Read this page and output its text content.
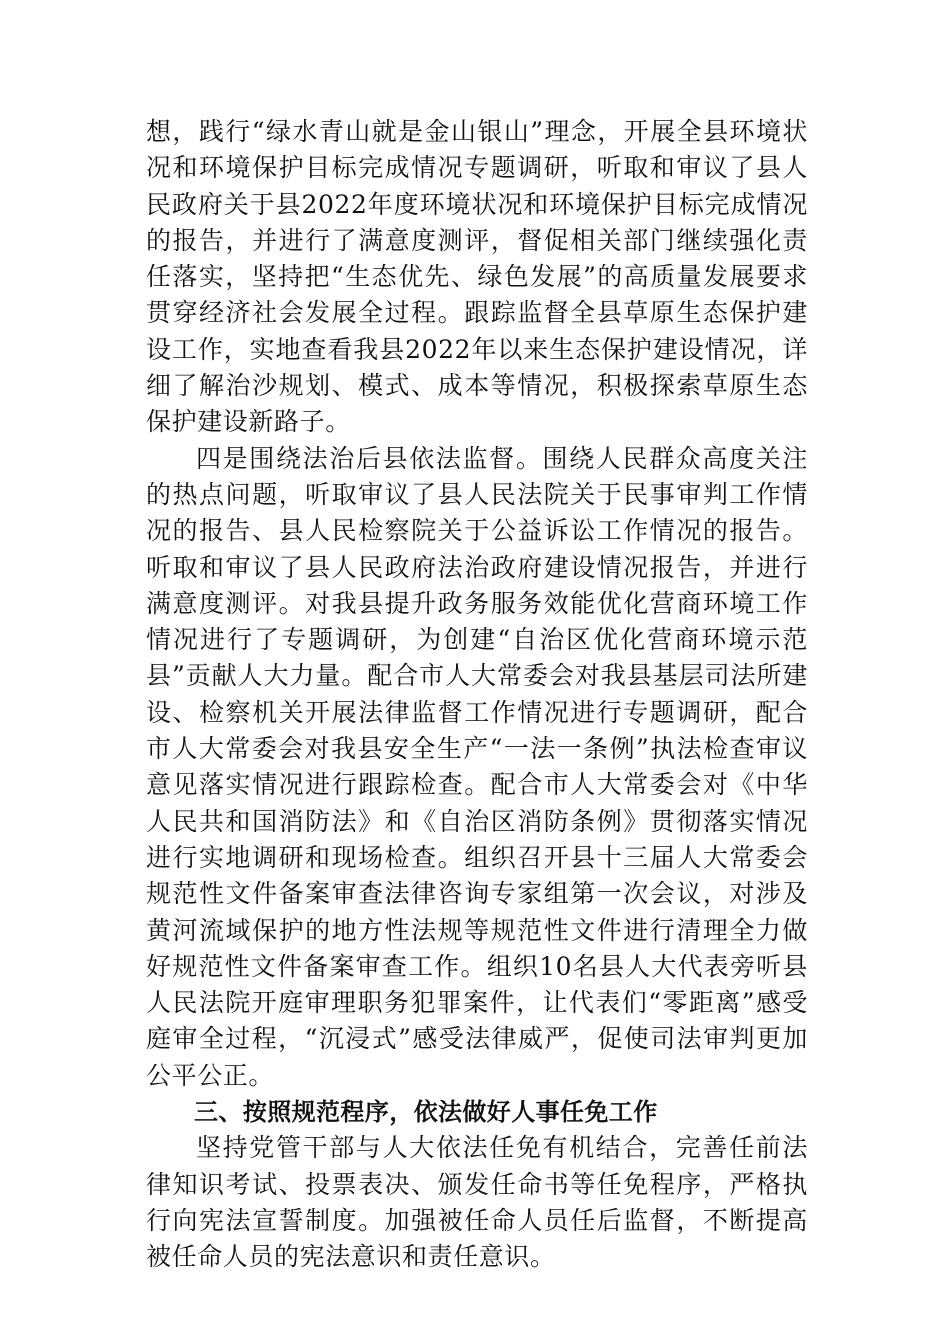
想，践行“绿水青山就是金山银山”理念，开展全县环境状况和环境保护目标完成情况专题调研，听取和审议了县人民政府关于县2022年度环境状况和环境保护目标完成情况的报告，并进行了满意度测评，督促相关部门继续强化责任落实，坚持把“生态优先、绿色发展”的高质量发展要求贯穿经济社会发展全过程。跟踪监督全县草原生态保护建设工作，实地查看我县2022年以来生态保护建设情况，详细了解治沙规划、模式、成本等情况，积极探索草原生态保护建设新路子。

四是围绕法治后县依法监督。围绕人民群众高度关注的热点问题，听取审议了县人民法院关于民事审判工作情况的报告、县人民检察院关于公益诉讼工作情况的报告。听取和审议了县人民政府法治政府建设情况报告，并进行满意度测评。对我县提升政务服务效能优化营商环境工作情况进行了专题调研，为创建“自治区优化营商环境示范县”贡献人大力量。配合市人大常委会对我县基层司法所建设、检察机关开展法律监督工作情况进行专题调研，配合市人大常委会对我县安全生产“一法一条例”执法检查审议意见落实情况进行跟踪检查。配合市人大常委会对《中华人民共和国消防法》和《自治区消防条例》贯彻落实情况进行实地调研和现场检查。组织召开县十三届人大常委会规范性文件备案审查法律咨询专家组第一次会议，对涉及黄河流域保护的地方性法规等规范性文件进行清理全力做好规范性文件备案审查工作。组织10名县人大代表旁听县人民法院开庭审理职务犯罪案件，让代表们“零距离”感受庭审全过程，“沉浸式”感受法律威严，促使司法审判更加公平公正。

三、按照规范程序，依法做好人事任免工作

坚持党管干部与人大依法任免有机结合，完善任前法律知识考试、投票表决、颁发任命书等任免程序，严格执行向宪法宣誓制度。加强被任命人员任后监督，不断提高被任命人员的宪法意识和责任意识。
